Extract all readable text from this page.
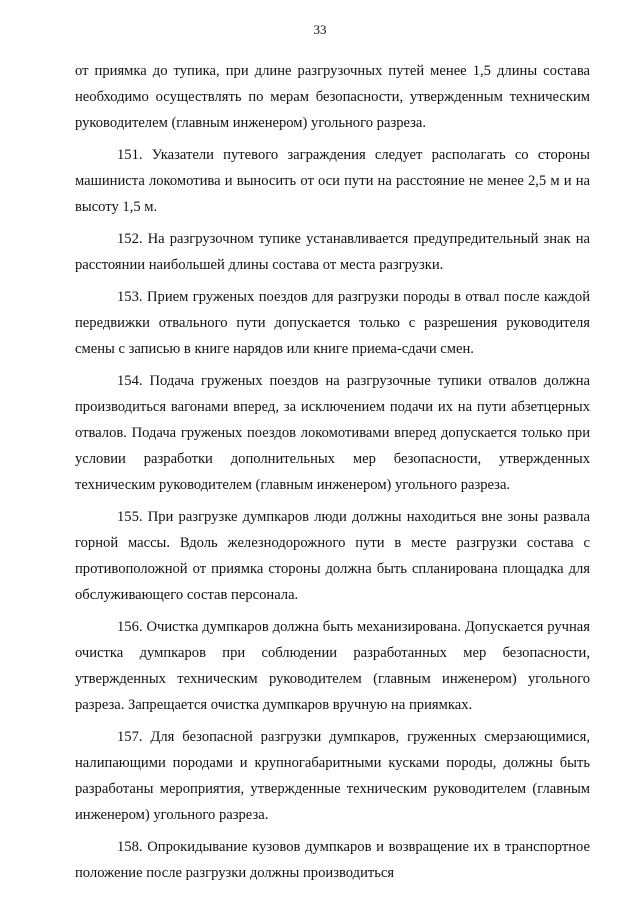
33

от приямка до тупика, при длине разгрузочных путей менее 1,5 длины состава необходимо осуществлять по мерам безопасности, утвержденным техническим руководителем (главным инженером) угольного разреза.

151. Указатели путевого заграждения следует располагать со стороны машиниста локомотива и выносить от оси пути на расстояние не менее 2,5 м и на высоту 1,5 м.

152. На разгрузочном тупике устанавливается предупредительный знак на расстоянии наибольшей длины состава от места разгрузки.

153. Прием груженых поездов для разгрузки породы в отвал после каждой передвижки отвального пути допускается только с разрешения руководителя смены с записью в книге нарядов или книге приема-сдачи смен.

154. Подача груженых поездов на разгрузочные тупики отвалов должна производиться вагонами вперед, за исключением подачи их на пути абзетцерных отвалов. Подача груженых поездов локомотивами вперед допускается только при условии разработки дополнительных мер безопасности, утвержденных техническим руководителем (главным инженером) угольного разреза.

155. При разгрузке думпкаров люди должны находиться вне зоны развала горной массы. Вдоль железнодорожного пути в месте разгрузки состава с противоположной от приямка стороны должна быть спланирована площадка для обслуживающего состав персонала.

156. Очистка думпкаров должна быть механизирована. Допускается ручная очистка думпкаров при соблюдении разработанных мер безопасности, утвержденных техническим руководителем (главным инженером) угольного разреза. Запрещается очистка думпкаров вручную на приямках.

157. Для безопасной разгрузки думпкаров, груженных смерзающимися, налипающими породами и крупногабаритными кусками породы, должны быть разработаны мероприятия, утвержденные техническим руководителем (главным инженером) угольного разреза.

158. Опрокидывание кузовов думпкаров и возвращение их в транспортное положение после разгрузки должны производиться
